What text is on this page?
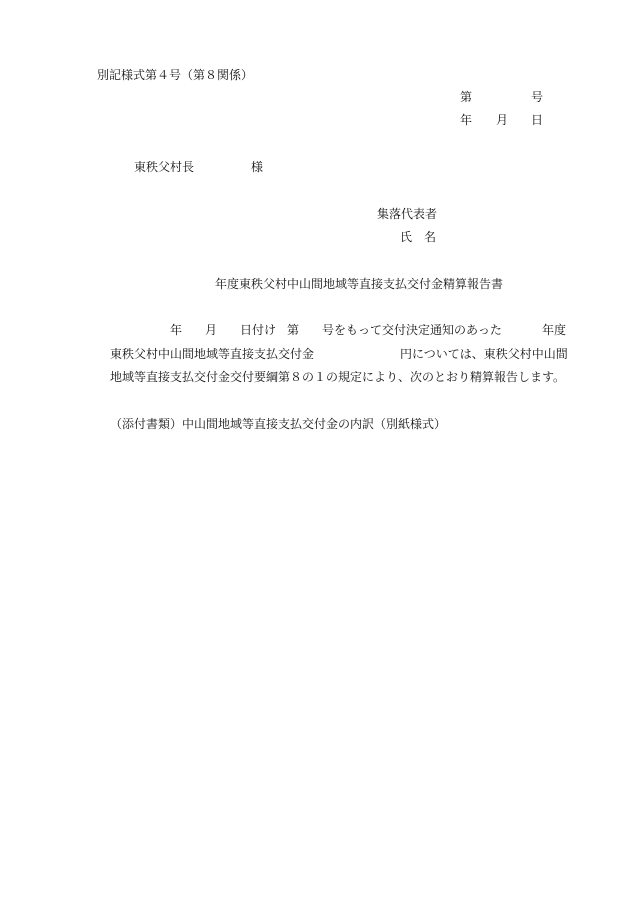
別記様式第４号（第８関係）
第	号
年 月 日
東秩父村長	様
集落代表者
氏　名
年度東秩父村中山間地域等直接支払交付金精算報告書
年 月 日付け 第 号をもって交付決定通知のあった	年度
東秩父村中山間地域等直接支払交付金	円については、東秩父村中山間
地域等直接支払交付金交付要綱第８の１の規定により、次のとおり精算報告します。
（添付書類）中山間地域等直接支払交付金の内訳（別紙様式）
